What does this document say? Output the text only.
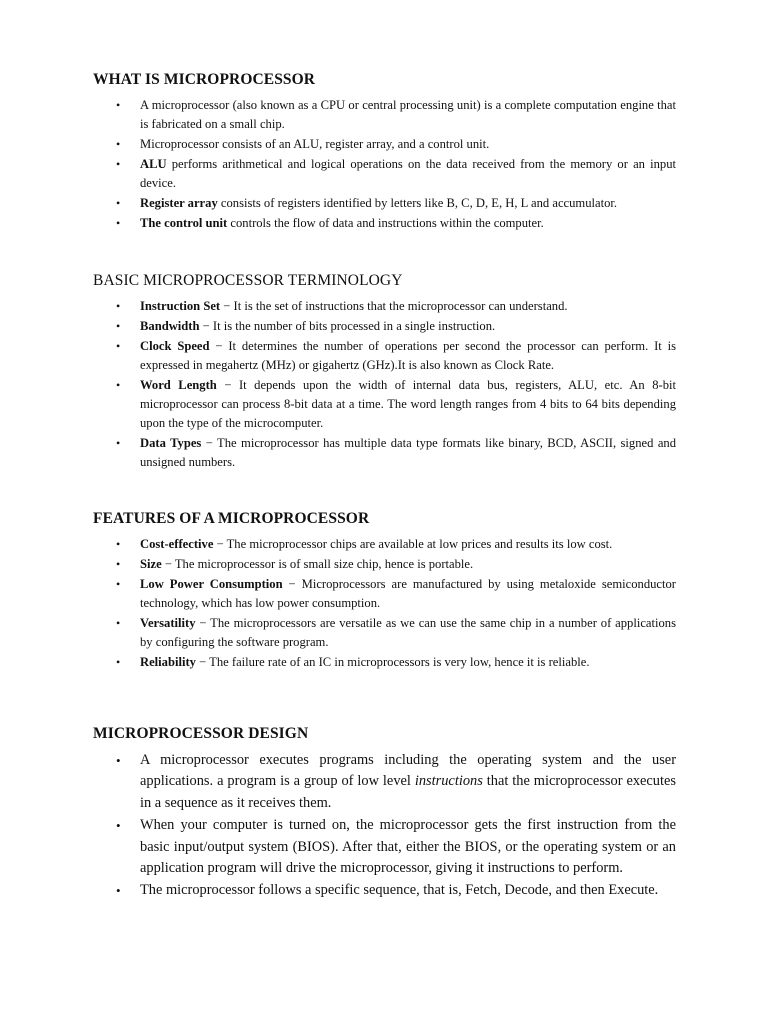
WHAT IS MICROPROCESSOR
• A microprocessor (also known as a CPU or central processing unit) is a complete computation engine that is fabricated on a small chip.
• Microprocessor consists of an ALU, register array, and a control unit.
• ALU performs arithmetical and logical operations on the data received from the memory or an input device.
• Register array consists of registers identified by letters like B, C, D, E, H, L and accumulator.
• The control unit controls the flow of data and instructions within the computer.
BASIC MICROPROCESSOR TERMINOLOGY
• Instruction Set − It is the set of instructions that the microprocessor can understand.
• Bandwidth − It is the number of bits processed in a single instruction.
• Clock Speed − It determines the number of operations per second the processor can perform. It is expressed in megahertz (MHz) or gigahertz (GHz).It is also known as Clock Rate.
• Word Length − It depends upon the width of internal data bus, registers, ALU, etc. An 8-bit microprocessor can process 8-bit data at a time. The word length ranges from 4 bits to 64 bits depending upon the type of the microcomputer.
• Data Types − The microprocessor has multiple data type formats like binary, BCD, ASCII, signed and unsigned numbers.
FEATURES OF A MICROPROCESSOR
• Cost-effective − The microprocessor chips are available at low prices and results its low cost.
• Size − The microprocessor is of small size chip, hence is portable.
• Low Power Consumption − Microprocessors are manufactured by using metaloxide semiconductor technology, which has low power consumption.
• Versatility − The microprocessors are versatile as we can use the same chip in a number of applications by configuring the software program.
• Reliability − The failure rate of an IC in microprocessors is very low, hence it is reliable.
MICROPROCESSOR DESIGN
• A microprocessor executes programs including the operating system and the user applications. a program is a group of low level instructions that the microprocessor executes in a sequence as it receives them.
• When your computer is turned on, the microprocessor gets the first instruction from the basic input/output system (BIOS). After that, either the BIOS, or the operating system or an application program will drive the microprocessor, giving it instructions to perform.
• The microprocessor follows a specific sequence, that is, Fetch, Decode, and then Execute.
